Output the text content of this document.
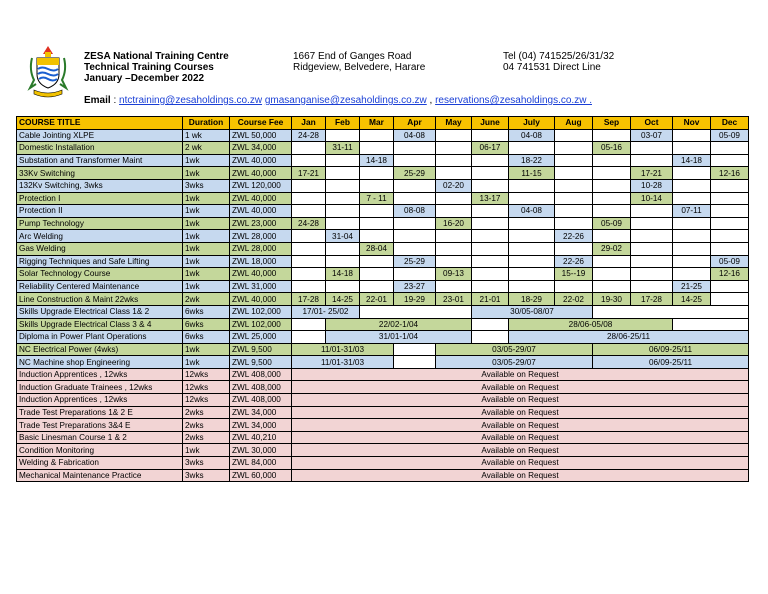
ZESA National Training Centre
Technical Training Courses
January –December 2022
1667 End of Ganges Road
Ridgeview, Belvedere, Harare
Tel (04) 741525/26/31/32
04 741531 Direct Line
Email : ntctraining@zesaholdings.co.zw gmasanganise@zesaholdings.co.zw , reservations@zesaholdings.co.zw .
COURSE TITLE	Duration	Course Fee	Jan	Feb	Mar	Apr	May	June	July	Aug	Sep	Oct	Nov	Dec
Cable Jointing XLPE	1 wk	ZWL 50,000	24-28			04-08			04-08			03-07		05-09
Domestic Installation	2 wk	ZWL 34,000		31-11				06-17			05-16			
Substation and Transformer Maint	1wk	ZWL 40,000			14-18				18-22				14-18	
33Kv Switching	1wk	ZWL 40,000	17-21			25-29			11-15			17-21		12-16
132Kv Switching, 3wks	3wks	ZWL 120,000					02-20					10-28		
Protection I	1wk	ZWL 40,000			7 - 11			13-17				10-14		
Protection II	1wk	ZWL 40,000				08-08			04-08				07-11	
Pump Technology	1wk	ZWL 23,000	24-28				16-20				05-09			
Arc Welding	1wk	ZWL 28,000		31-04						22-26				
Gas Welding	1wk	ZWL 28,000			28-04						29-02			
Rigging Techniques and Safe Lifting	1wk	ZWL 18,000				25-29				22-26				05-09
Solar Technology Course	1wk	ZWL 40,000		14-18			09-13			15--19				12-16
Reliability Centered Maintenance	1wk	ZWL 31,000				23-27							21-25	
Line Construction & Maint 22wks	2wk	ZWL 40,000	17-28	14-25	22-01	19-29	23-01	21-01	18-29	22-02	19-30	17-28	14-25	
Skills Upgrade Electrical Class 1& 2	6wks	ZWL 102,000	17/01- 25/02					30/05-08/07						
Skills Upgrade Electrical Class 3 & 4	6wks	ZWL 102,000		22/02-1/04					28/06-05/08					
Diploma in Power Plant Operations	6wks	ZWL 25,000		31/01-1/04					28/06-25/11					
NC Electrical Power (4wks)	1wk	ZWL 9,500	11/01-31/03				03/05-29/07				06/09-25/11			
NC Machine shop Engineering	1wk	ZWL 9,500	11/01-31/03				03/05-29/07				06/09-25/11			
Induction Apprentices , 12wks	12wks	ZWL 408,000	Available on Request											
Induction Graduate Trainees , 12wks	12wks	ZWL 408,000	Available on Request											
Induction Apprentices , 12wks	12wks	ZWL 408,000	Available on Request											
Trade Test Preparations 1& 2 E	2wks	ZWL 34,000	Available on Request											
Trade Test Preparations 3&4 E	2wks	ZWL 34,000	Available on Request											
Basic Linesman Course 1 & 2	2wks	ZWL 40,210	Available on Request											
Condition Monitoring	1wk	ZWL 30,000	Available on Request											
Welding & Fabrication	3wks	ZWL 84,000	Available on Request											
Mechanical Maintenance Practice	3wks	ZWL 60,000	Available on Request											
